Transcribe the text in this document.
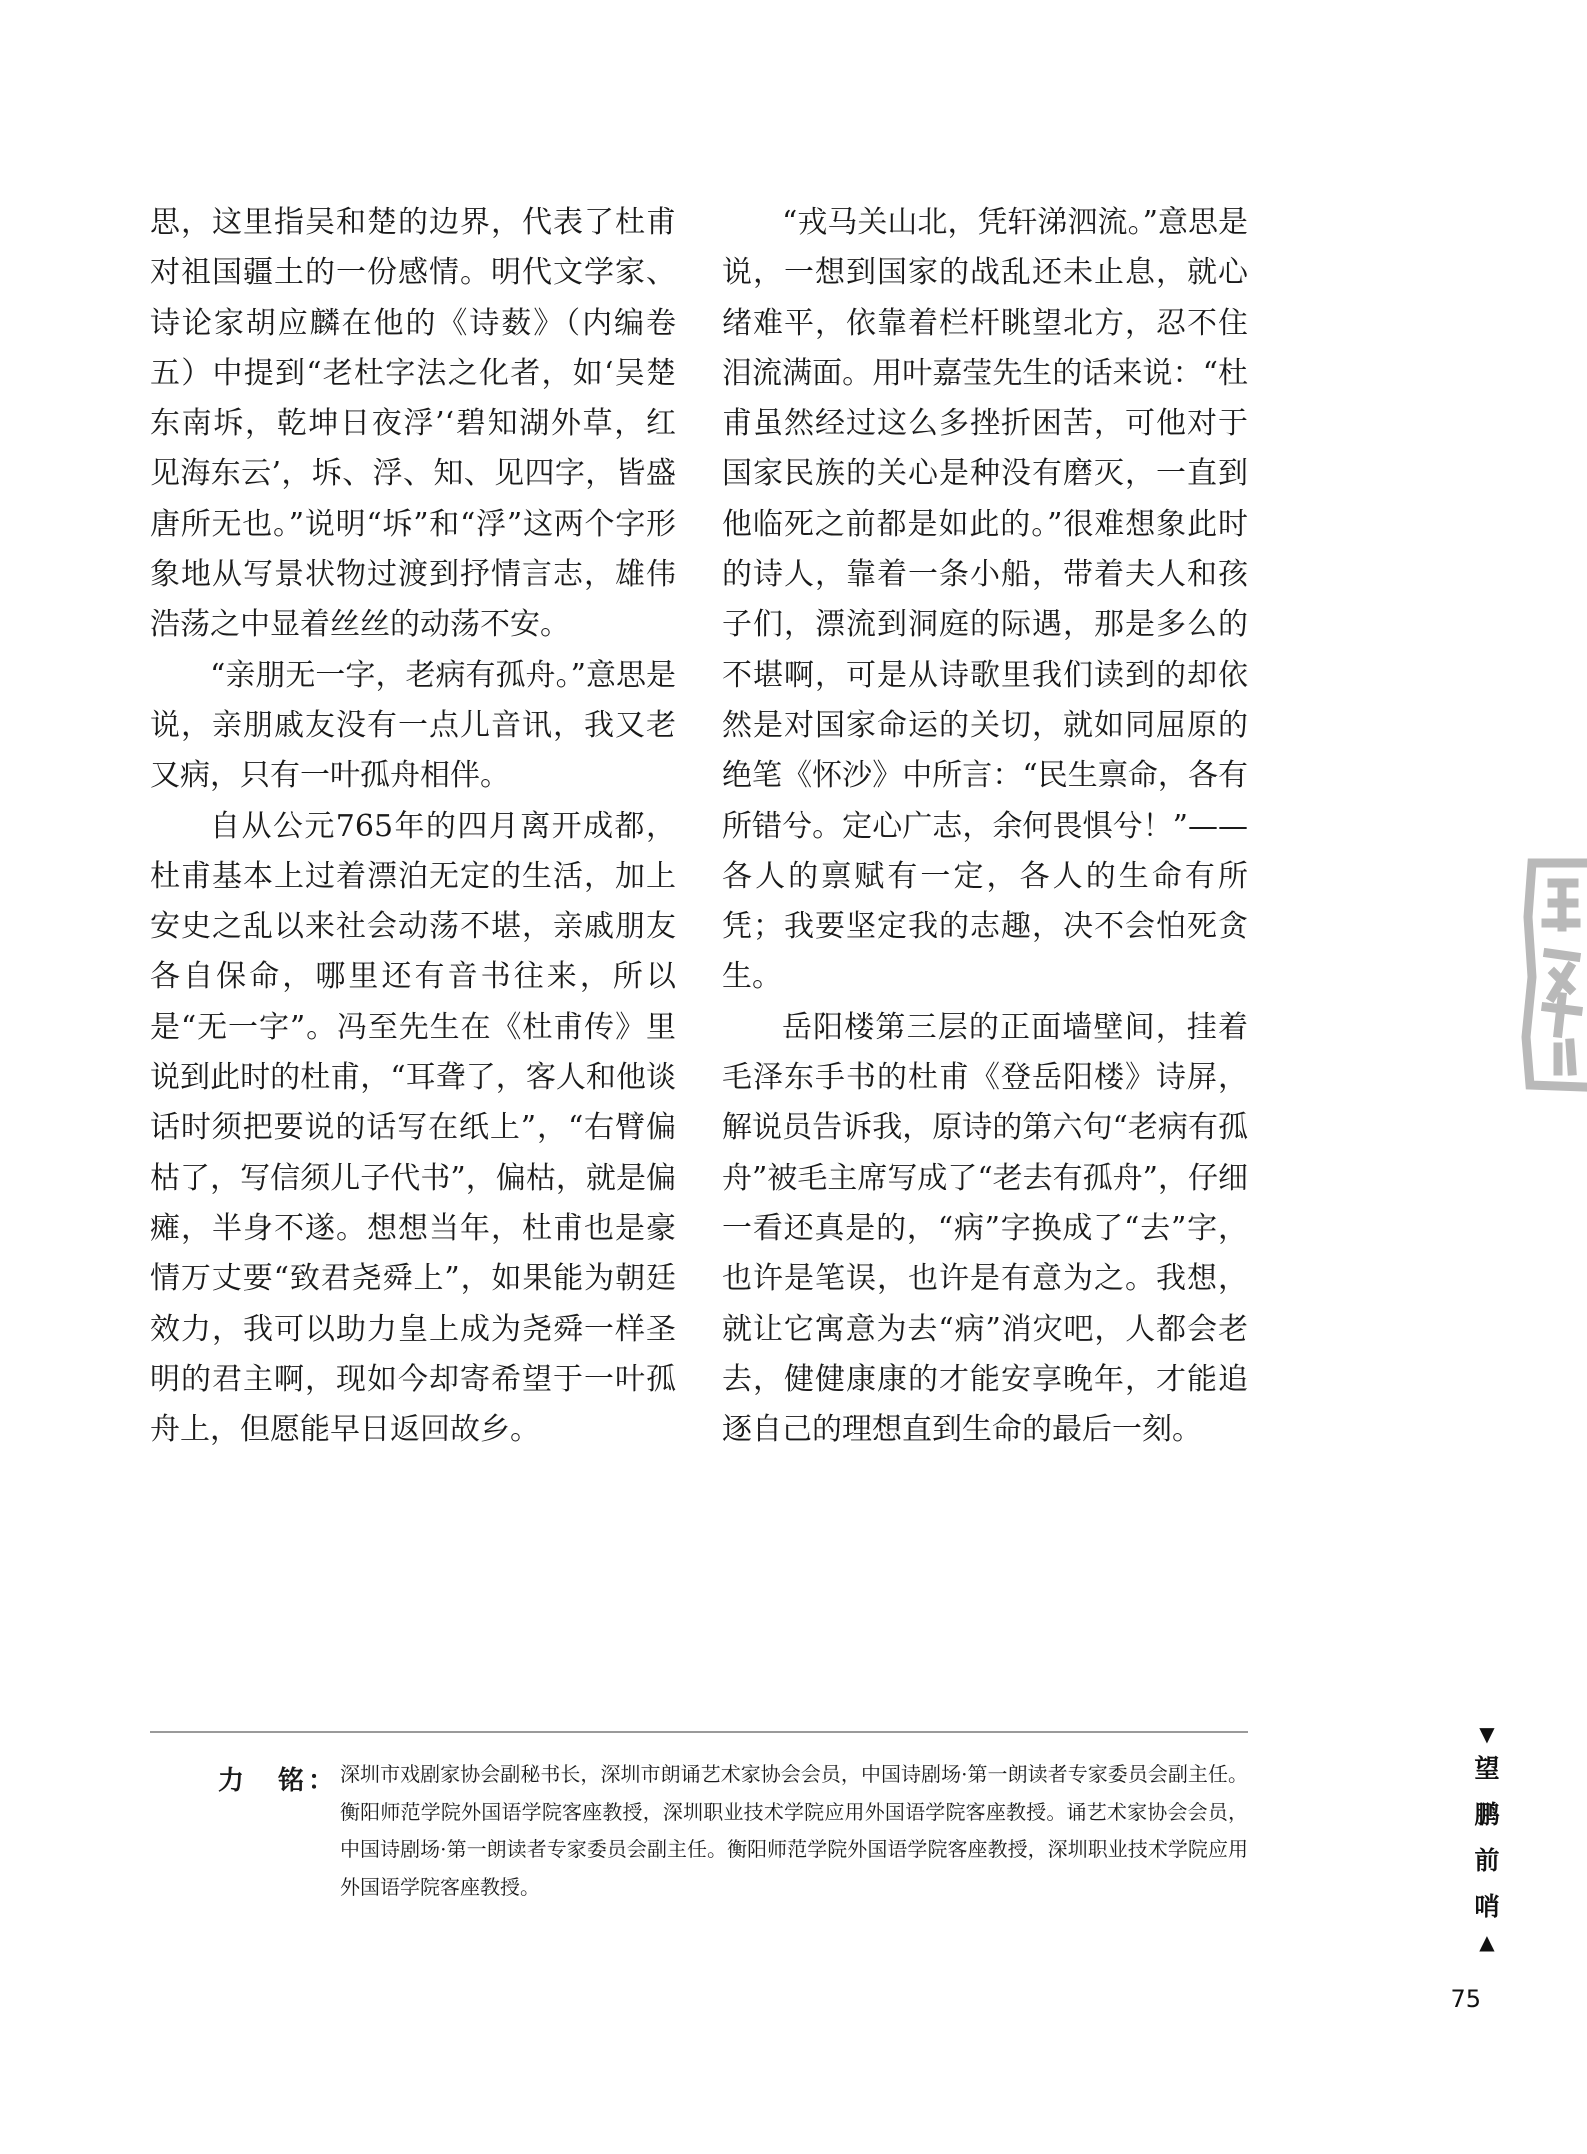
思，这里指吴和楚的边界，代表了杜甫对祖国疆土的一份感情。明代文学家、诗论家胡应麟在他的《诗薮》（内编卷五）中提到“老杜字法之化者，如‘吴楚东南坼，乾坤日夜浮’‘碧知湖外草，红见海东云’，坼、浮、知、见四字，皆盛唐所无也。”说明“坼”和“浮”这两个字形象地从写景状物过渡到抒情言志，雄伟浩荡之中显着丝丝的动荡不安。

“亲朋无一字，老病有孤舟。”意思是说，亲朋戚友没有一点儿音讯，我又老又病，只有一叶孤舟相伴。

自从公元765年的四月离开成都，杜甫基本上过着漂泊无定的生活，加上安史之乱以来社会动荡不堪，亲戚朋友各自保命，哪里还有音书往来，所以是“无一字”。冯至先生在《杜甫传》里说到此时的杜甫，“耳聋了，客人和他谈话时须把要说的话写在纸上”，“右臂偏枯了，写信须儿子代书”，偏枯，就是偏瘫，半身不遂。想想当年，杜甫也是豪情万丈要“致君尧舜上”，如果能为朝廷效力，我可以助力皇上成为尧舜一样圣明的君主啊，现如今却寄希望于一叶孤舟上，但愿能早日返回故乡。

“戎马关山北，凭轩涕泗流。”意思是说，一想到国家的战乱还未止息，就心绪难平，依靠着栏杆眺望北方，忍不住泪流满面。用叶嘉莹先生的话来说：“杜甫虽然经过这么多挫折困苦，可他对于国家民族的关心是种没有磨灭，一直到他临死之前都是如此的。”很难想象此时的诗人，靠着一条小船，带着夫人和孩子们，漂流到洞庭的际遇，那是多么的不堪啊，可是从诗歌里我们读到的却依然是对国家命运的关切，就如同屈原的绝笔《怀沙》中所言：“民生禀命，各有所错兮。定心广志，余何畏惧兮！”——各人的禀赋有一定，各人的生命有所凭；我要坚定我的志趣，决不会怕死贪生。

岳阳楼第三层的正面墙壁间，挂着毛泽东手书的杜甫《登岳阳楼》诗屏，解说员告诉我，原诗的第六句“老病有孤舟”被毛主席写成了“老去有孤舟”，仔细一看还真是的，“病”字换成了“去”字，也许是笔误，也许是有意为之。我想，就让它寓意为去“病”消灾吧，人都会老去，健健康康的才能安享晚年，才能追逐自己的理想直到生命的最后一刻。

力　铭： 深圳市戏剧家协会副秘书长，深圳市朗诵艺术家协会会员，中国诗剧场·第一朗读者专家委员会副主任。衡阳师范学院外国语学院客座教授，深圳职业技术学院应用外国语学院客座教授。诵艺术家协会会员，中国诗剧场·第一朗读者专家委员会副主任。衡阳师范学院外国语学院客座教授，深圳职业技术学院应用外国语学院客座教授。

▼
望
鹏
前
哨
▲
75
